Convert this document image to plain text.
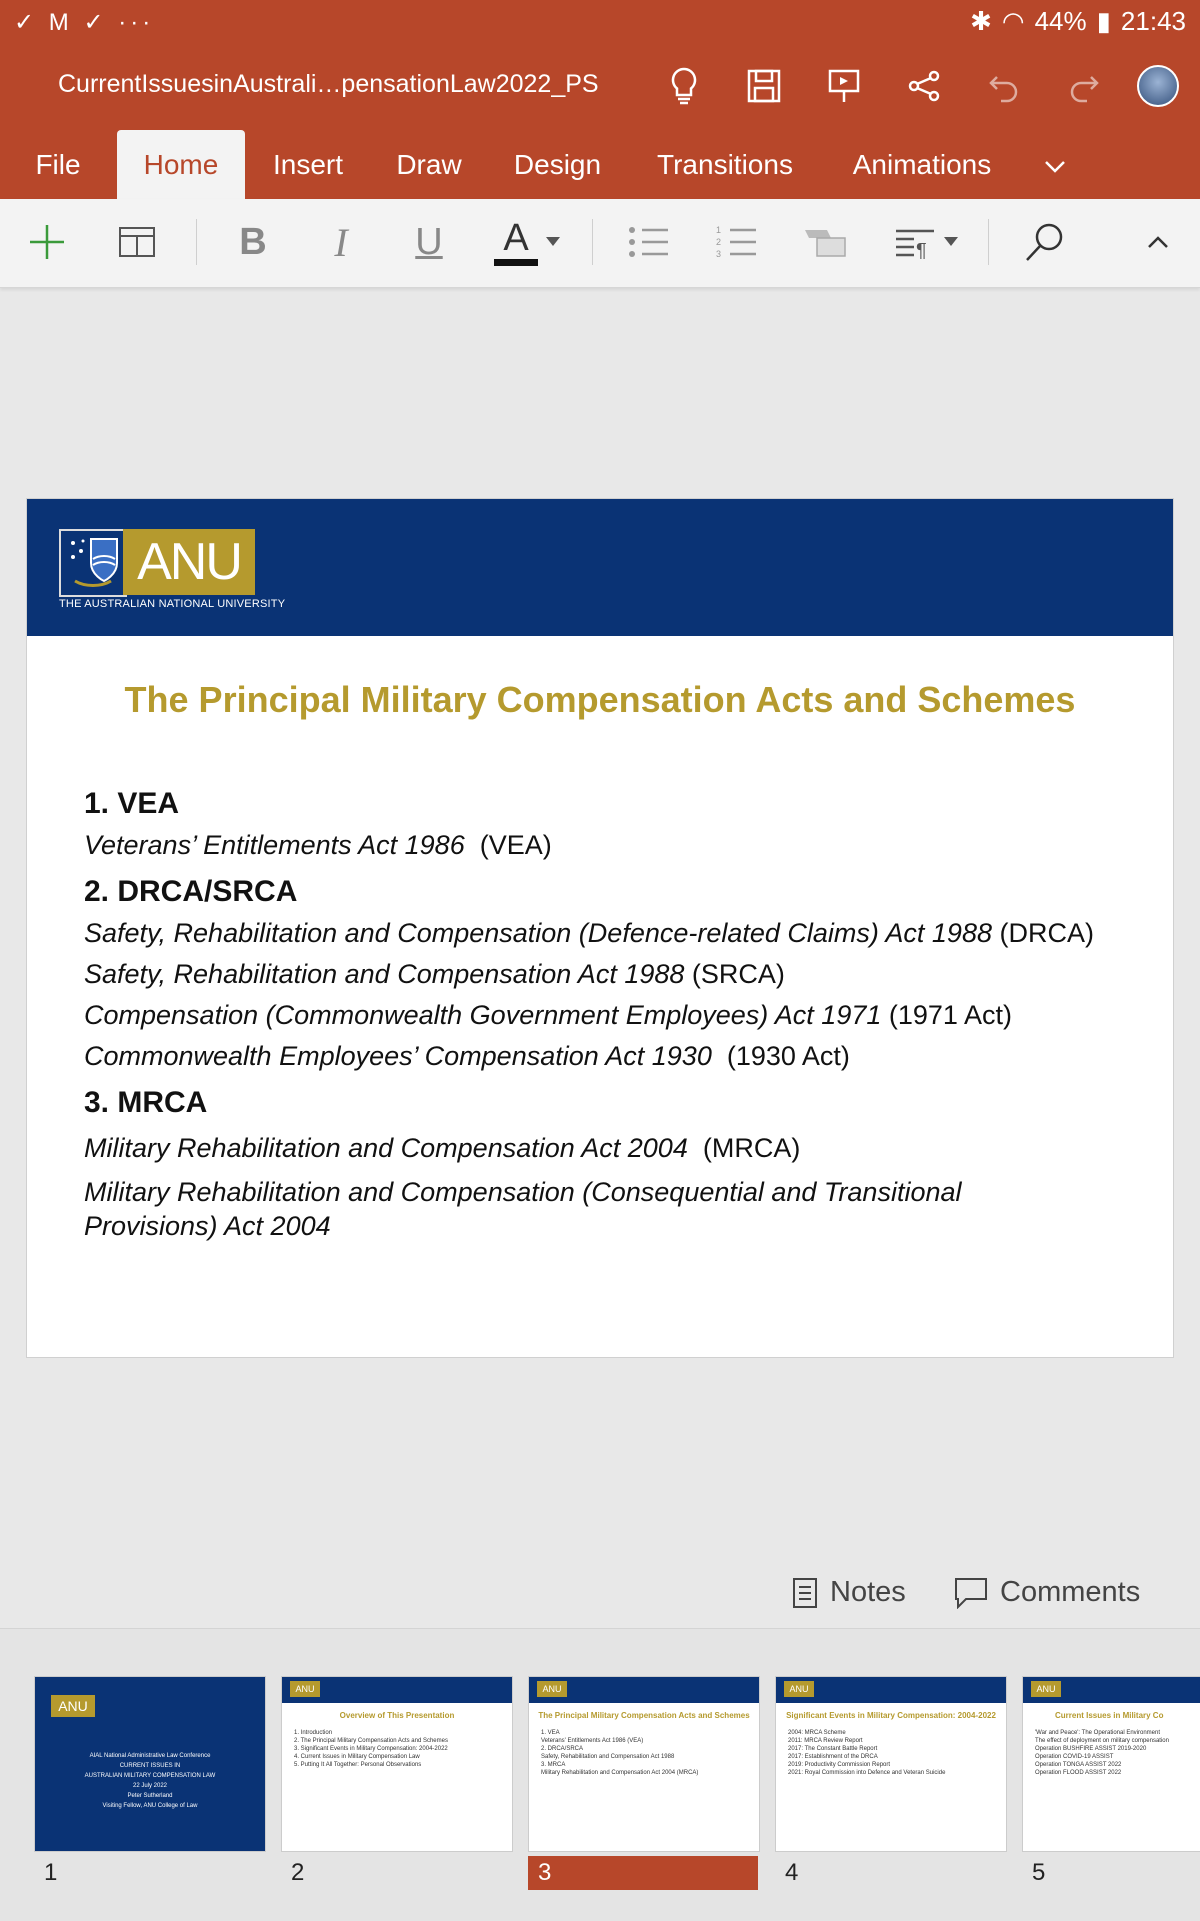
✓ M ✓ ···	✱ ◠ 44% ▮ 21:43
CurrentIssuesinAustrali…pensationLaw2022_PS
File	Home	Insert	Draw	Design	Transitions	Animations
B	I	U A	1
2
3	¶
ANU
THE AUSTRALIAN NATIONAL UNIVERSITY
The Principal Military Compensation Acts and Schemes
1. VEA
Veterans’ Entitlements Act 1986  (VEA)
2. DRCA/SRCA
Safety, Rehabilitation and Compensation (Defence-related Claims) Act 1988 (DRCA)
Safety, Rehabilitation and Compensation Act 1988 (SRCA)
Compensation (Commonwealth Government Employees) Act 1971 (1971 Act)
Commonwealth Employees’ Compensation Act 1930  (1930 Act)
3. MRCA
Military Rehabilitation and Compensation Act 2004  (MRCA)
Military Rehabilitation and Compensation (Consequential and Transitional
Provisions) Act 2004
Notes	Comments
ANU
AIAL National Administrative Law Conference
CURRENT ISSUES IN
AUSTRALIAN MILITARY COMPENSATION LAW
22 July 2022
Peter Sutherland
Visiting Fellow, ANU College of Law
ANU
Overview of This Presentation
1. Introduction
2. The Principal Military Compensation Acts and Schemes
3. Significant Events in Military Compensation: 2004-2022
4. Current Issues in Military Compensation Law
5. Putting It All Together: Personal Observations
ANU
The Principal Military Compensation Acts and Schemes
1. VEA
Veterans' Entitlements Act 1986 (VEA)
2. DRCA/SRCA
Safety, Rehabilitation and Compensation Act 1988
3. MRCA
Military Rehabilitation and Compensation Act 2004 (MRCA)
ANU
Significant Events in Military Compensation: 2004-2022
2004: MRCA Scheme
2011: MRCA Review Report
2017: The Constant Battle Report
2017: Establishment of the DRCA
2019: Productivity Commission Report
2021: Royal Commission into Defence and Veteran Suicide
ANU
Current Issues in Military Co
'War and Peace': The Operational Environment
The effect of deployment on military compensation
Operation BUSHFIRE ASSIST 2019-2020
Operation COVID-19 ASSIST
Operation TONGA ASSIST 2022
Operation FLOOD ASSIST 2022
1	2	3	4	5
